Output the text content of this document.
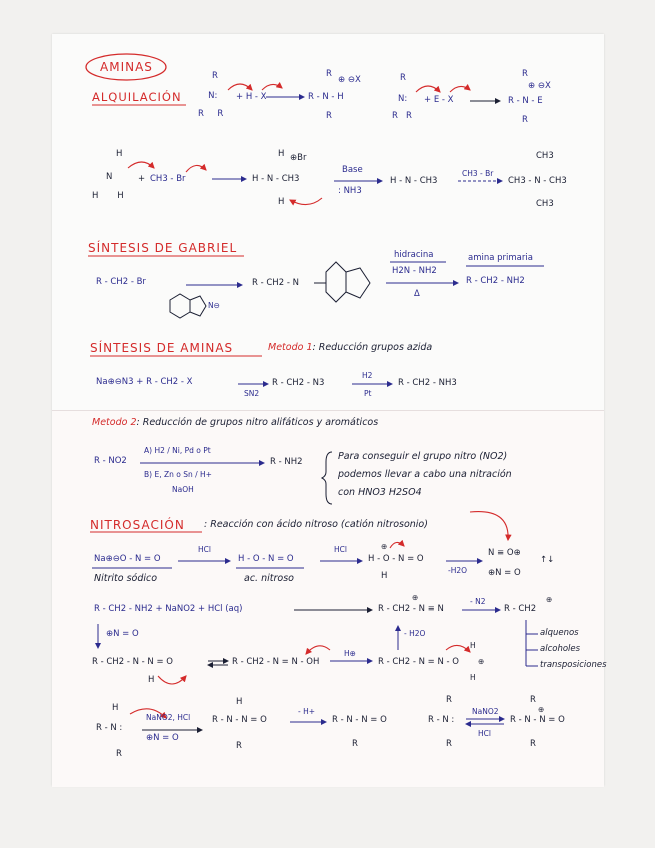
AMINAS
ALQUILACIÓN
R
N:
R     R
+ H - X
R
⊕ ⊖X
R - N - H
R
R
N:
R   R
+ E - X
R
⊕ ⊖X
R - N - E
R
H
N
H       H
+ CH3 - Br
H ⊕Br
H - N - CH3
H
Base
: NH3
H - N - CH3
CH3 - Br
CH3
CH3 - N - CH3
CH3
SÍNTESIS DE GABRIEL
R - CH2 - Br
N⊖
R - CH2 - N
hidracina
H2N - NH2
Δ
amina primaria
R - CH2 - NH2
SÍNTESIS DE AMINAS	Metodo 1: Reducción grupos azida
Na⊕⊖N3 + R - CH2 - X
SN2
R - CH2 - N3
H2
Pt
R - CH2 - NH3
Metodo 2: Reducción de grupos nitro alifáticos y aromáticos
R - NO2
A) H2 / Ni, Pd o Pt
B) E, Zn o Sn / H+
NaOH
R - NH2	Para conseguir el grupo nitro (NO2)
podemos llevar a cabo una nitración
con HNO3 H2SO4
NITROSACIÓN : Reacción con ácido nitroso (catión nitrosonio)
Na⊕⊖O - N = O
Nitrito sódico
HCl
H - O - N = O
ac. nitroso
HCl	⊕
H - O - N = O
H
-H2O
N ≡ O⊕
⊕N = O
↑↓
R - CH2 - NH2 + NaNO2 + HCl (aq)
⊕
R - CH2 - N ≡ N
- N2
R - CH2
⊕
⊕N = O	- H2O	alquenos
alcoholes
transposiciones
R - CH2 - N - N = O
H
R - CH2 - N = N - OH
H⊕
R - CH2 - N = N - O
H
H
⊕
H
R - N :
R
NaNO2, HCl
⊕N = O
H
R - N - N = O
R
- H+
R - N - N = O
R
R
R - N :
R
NaNO2
HCl
R
⊕
R - N - N = O
R
